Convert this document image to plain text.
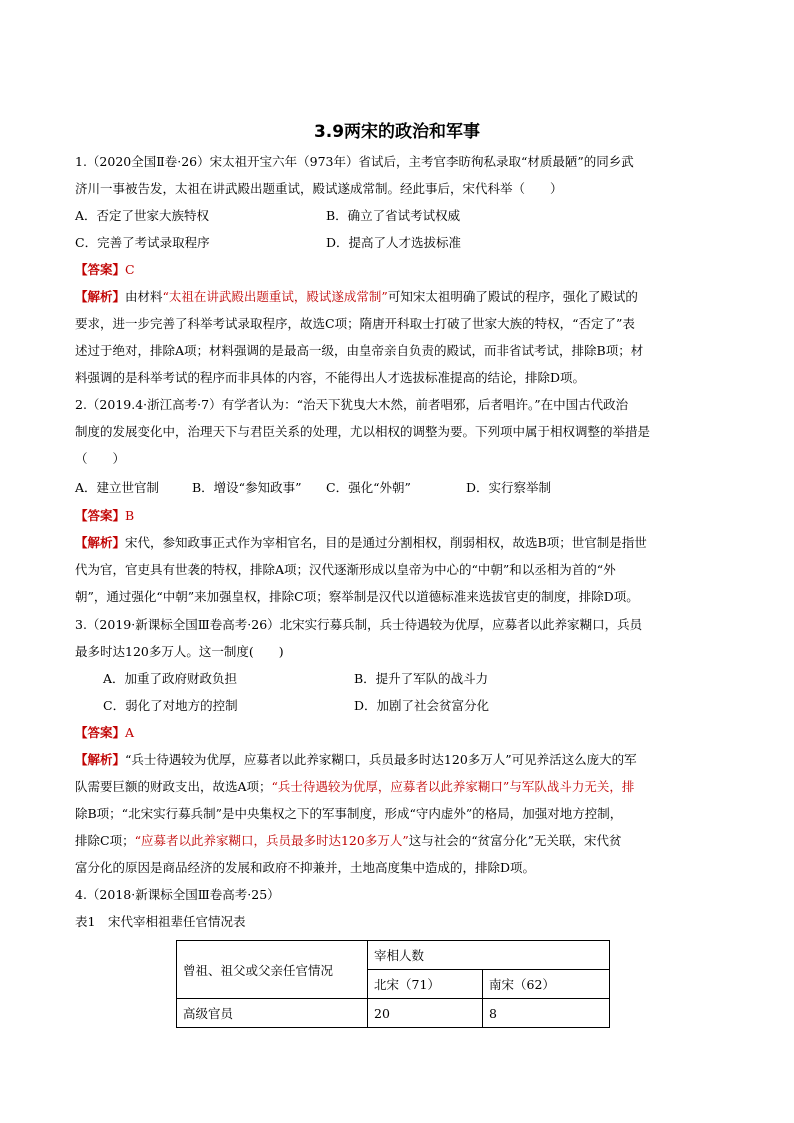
3.9两宋的政治和军事
1.（2020全国Ⅱ卷·26）宋太祖开宝六年（973年）省试后，主考官李昉徇私录取“材质最陋”的同乡武
济川一事被告发，太祖在讲武殿出题重试，殿试遂成常制。经此事后，宋代科举（　　）
A．否定了世家大族特权	B．确立了省试考试权威
C．完善了考试录取程序	D．提高了人才选拔标准
【答案】C
【解析】由材料“太祖在讲武殿出题重试，殿试遂成常制”可知宋太祖明确了殿试的程序，强化了殿试的
要求，进一步完善了科举考试录取程序，故选C项；隋唐开科取士打破了世家大族的特权，“否定了”表
述过于绝对，排除A项；材料强调的是最高一级，由皇帝亲自负责的殿试，而非省试考试，排除B项；材
料强调的是科举考试的程序而非具体的内容，不能得出人才选拔标准提高的结论，排除D项。
2.（2019.4·浙江高考·7）有学者认为：“治天下犹曳大木然，前者唱邪，后者唱许。”在中国古代政治
制度的发展变化中，治理天下与君臣关系的处理，尤以相权的调整为要。下列项中属于相权调整的举措是
（　　）
A．建立世官制	B．增设“参知政事” C．强化“外朝”	D．实行察举制
【答案】B
【解析】宋代，参知政事正式作为宰相官名，目的是通过分割相权，削弱相权，故选B项；世官制是指世
代为官，官吏具有世袭的特权，排除A项；汉代逐渐形成以皇帝为中心的“中朝”和以丞相为首的“外
朝”，通过强化“中朝”来加强皇权，排除C项；察举制是汉代以道德标准来选拔官吏的制度，排除D项。
3.（2019·新课标全国Ⅲ卷高考·26）北宋实行募兵制，兵士待遇较为优厚，应募者以此养家糊口，兵员
最多时达120多万人。这一制度(　　)
A．加重了政府财政负担	B．提升了军队的战斗力
C．弱化了对地方的控制	D．加剧了社会贫富分化
【答案】A
【解析】“兵士待遇较为优厚，应募者以此养家糊口，兵员最多时达120多万人”可见养活这么庞大的军
队需要巨额的财政支出，故选A项；“兵士待遇较为优厚，应募者以此养家糊口”与军队战斗力无关，排
除B项；“北宋实行募兵制”是中央集权之下的军事制度，形成“守内虚外”的格局，加强对地方控制，
排除C项；“应募者以此养家糊口，兵员最多时达120多万人”这与社会的“贫富分化”无关联，宋代贫
富分化的原因是商品经济的发展和政府不抑兼并，土地高度集中造成的，排除D项。
4.（2018·新课标全国Ⅲ卷高考·25）
表1　宋代宰相祖辈任官情况表
曾祖、祖父或父亲任官情况	宰相人数	
	北宋（71）	南宋（62）
高级官员	20	8
